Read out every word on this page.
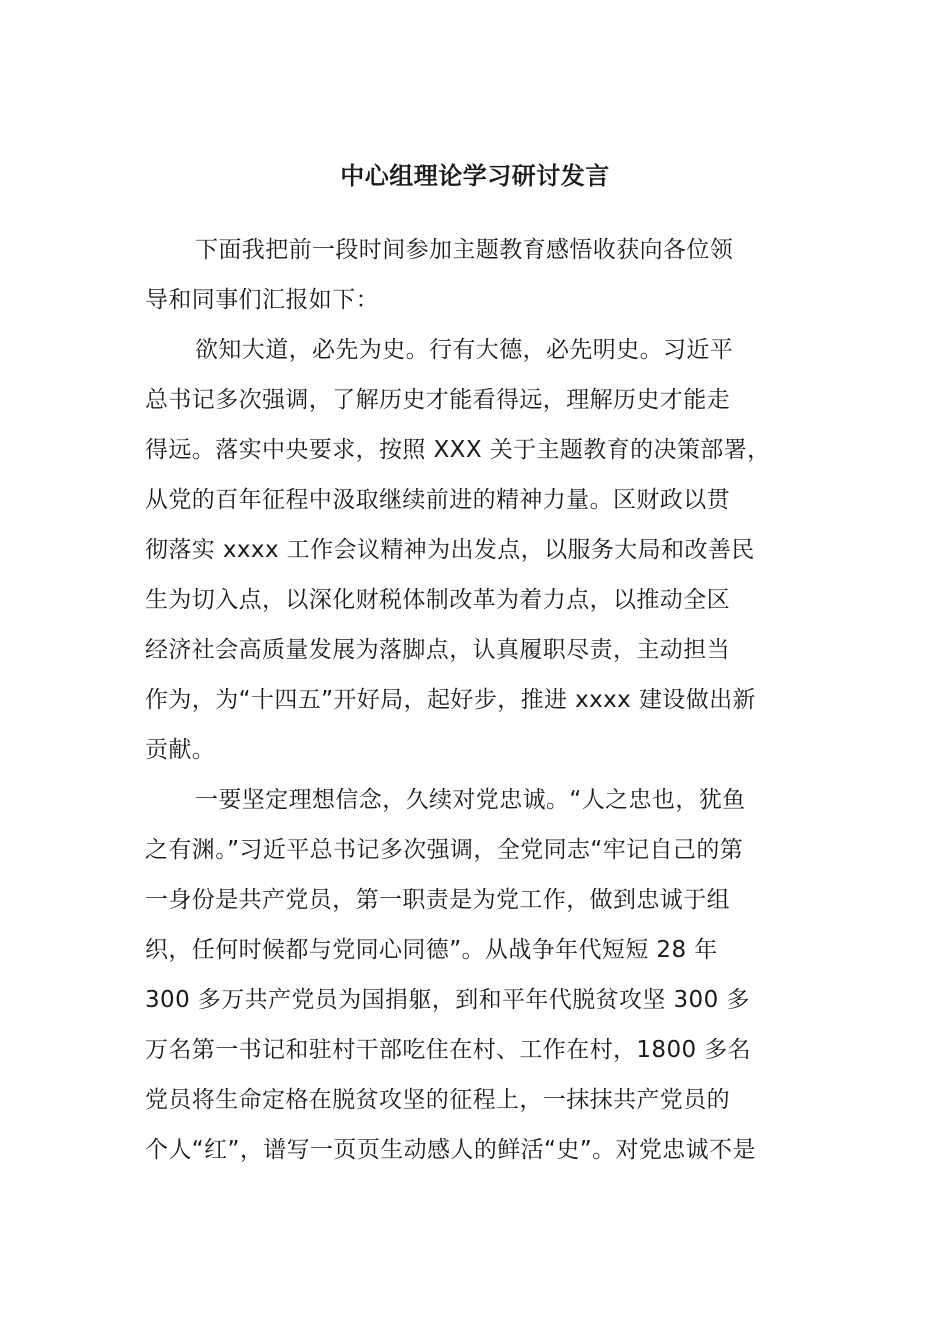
中心组理论学习研讨发言
下面我把前一段时间参加主题教育感悟收获向各位领
导和同事们汇报如下：
欲知大道，必先为史。行有大德，必先明史。习近平
总书记多次强调，了解历史才能看得远，理解历史才能走
得远。落实中央要求，按照 XXX 关于主题教育的决策部署，
从党的百年征程中汲取继续前进的精神力量。区财政以贯
彻落实 xxxx 工作会议精神为出发点，以服务大局和改善民
生为切入点，以深化财税体制改革为着力点，以推动全区
经济社会高质量发展为落脚点，认真履职尽责，主动担当
作为，为“十四五”开好局，起好步，推进 xxxx 建设做出新
贡献。
一要坚定理想信念，久续对党忠诚。“人之忠也，犹鱼
之有渊。”习近平总书记多次强调，全党同志“牢记自己的第
一身份是共产党员，第一职责是为党工作，做到忠诚于组
织，任何时候都与党同心同德”。从战争年代短短 28 年
300 多万共产党员为国捐躯，到和平年代脱贫攻坚 300 多
万名第一书记和驻村干部吃住在村、工作在村，1800 多名
党员将生命定格在脱贫攻坚的征程上，一抹抹共产党员的
个人“红”，谱写一页页生动感人的鲜活“史”。对党忠诚不是
